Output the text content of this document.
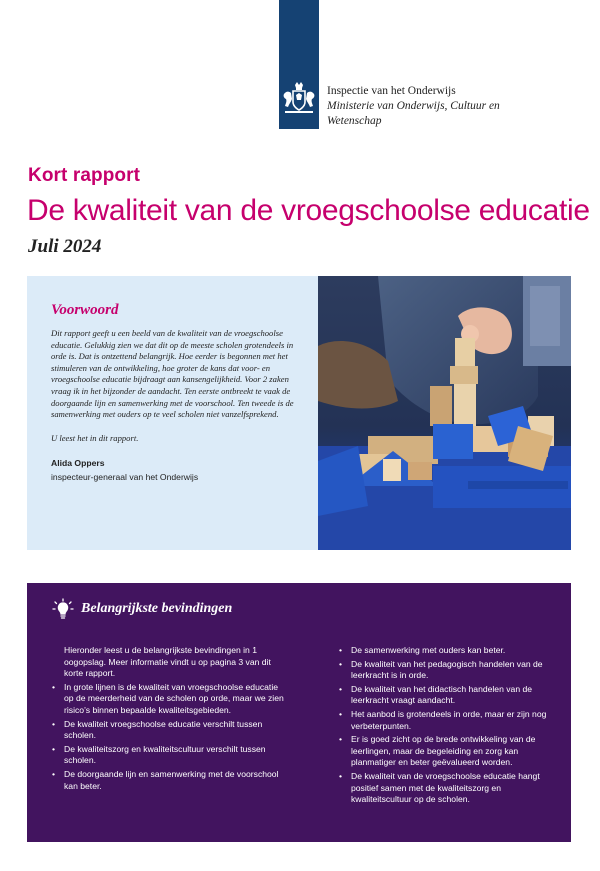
Inspectie van het Onderwijs
Ministerie van Onderwijs, Cultuur en
Wetenschap
Kort rapport
De kwaliteit van de vroegschoolse educatie
Juli 2024
Voorwoord

Dit rapport geeft u een beeld van de kwaliteit van de vroegschoolse educatie. Gelukkig zien we dat dit op de meeste scholen grotendeels in orde is. Dat is ontzettend belangrijk. Hoe eerder is begonnen met het stimuleren van de ontwikkeling, hoe groter de kans dat voor- en vroegschoolse educatie bijdraagt aan kansengelijkheid. Voor 2 zaken vraag ik in het bijzonder de aandacht. Ten eerste ontbreekt te vaak de doorgaande lijn en samenwerking met de voorschool. Ten tweede is de samenwerking met ouders op te veel scholen niet vanzelfsprekend.

U leest het in dit rapport.

Alida Oppers

inspecteur-generaal van het Onderwijs

Belangrijkste bevindingen

Hieronder leest u de belangrijkste bevindingen in 1 oogopslag. Meer informatie vindt u op pagina 3 van dit korte rapport.

• In grote lijnen is de kwaliteit van vroegschoolse educatie op de meerderheid van de scholen op orde, maar we zien risico’s binnen bepaalde kwaliteitsgebieden.
• De kwaliteit vroegschoolse educatie verschilt tussen scholen.
• De kwaliteitszorg en kwaliteitscultuur verschilt tussen scholen.
• De doorgaande lijn en samenwerking met de voorschool kan beter.
• De samenwerking met ouders kan beter.
• De kwaliteit van het pedagogisch handelen van de leerkracht is in orde.
• De kwaliteit van het didactisch handelen van de leerkracht vraagt aandacht.
• Het aanbod is grotendeels in orde, maar er zijn nog verbeterpunten.
• Er is goed zicht op de brede ontwikkeling van de leerlingen, maar de begeleiding en zorg kan planmatiger en beter geëvalueerd worden.
• De kwaliteit van de vroegschoolse educatie hangt positief samen met de kwaliteitszorg en kwaliteitscultuur op de scholen.
